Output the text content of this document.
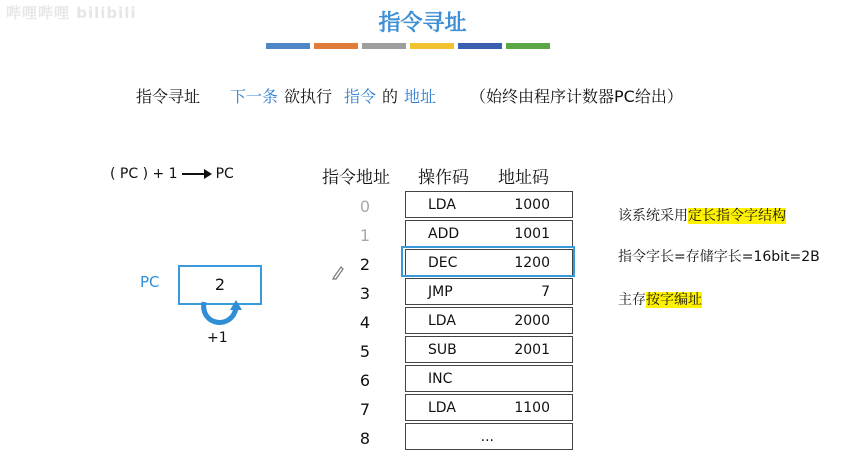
哔哩哔哩 bilibili	指令寻址
指令寻址 下一条 欲执行 指令 的 地址 （始终由程序计数器PC给出）
( PC ) + 1	PC
PC	2
+1
指令地址 操作码 地址码
0	LDA	1000
1	ADD	1001
2	DEC	1200
3	JMP	7
4	LDA	2000
5	SUB	2001
6	INC
7	LDA	1100
8	...
该系统采用定长指令字结构
指令字长=存储字长=16bit=2B
主存按字编址
